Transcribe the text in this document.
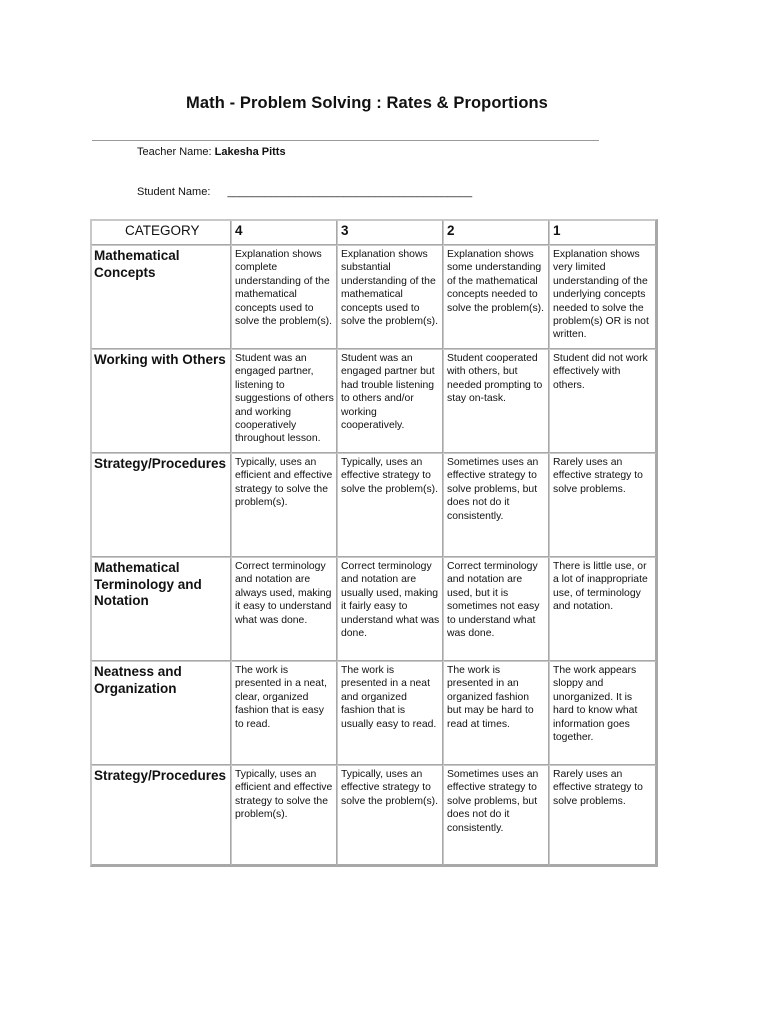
Math - Problem Solving : Rates & Proportions
Teacher Name: Lakesha Pitts
Student Name: ________________________________________
CATEGORY	4	3	2	1
Mathematical Concepts	Explanation shows complete understanding of the mathematical concepts used to solve the problem(s).	Explanation shows substantial understanding of the mathematical concepts used to solve the problem(s).	Explanation shows some understanding of the mathematical concepts needed to solve the problem(s).	Explanation shows very limited understanding of the underlying concepts needed to solve the problem(s) OR is not written.
Working with Others	Student was an engaged partner, listening to suggestions of others and working cooperatively throughout lesson.	Student was an engaged partner but had trouble listening to others and/or working cooperatively.	Student cooperated with others, but needed prompting to stay on-task.	Student did not work effectively with others.
Strategy/Procedures	Typically, uses an efficient and effective strategy to solve the problem(s).	Typically, uses an effective strategy to solve the problem(s).	Sometimes uses an effective strategy to solve problems, but does not do it consistently.	Rarely uses an effective strategy to solve problems.
Mathematical Terminology and Notation	Correct terminology and notation are always used, making it easy to understand what was done.	Correct terminology and notation are usually used, making it fairly easy to understand what was done.	Correct terminology and notation are used, but it is sometimes not easy to understand what was done.	There is little use, or a lot of inappropriate use, of terminology and notation.
Neatness and Organization	The work is presented in a neat, clear, organized fashion that is easy to read.	The work is presented in a neat and organized fashion that is usually easy to read.	The work is presented in an organized fashion but may be hard to read at times.	The work appears sloppy and unorganized. It is hard to know what information goes together.
Strategy/Procedures	Typically, uses an efficient and effective strategy to solve the problem(s).	Typically, uses an effective strategy to solve the problem(s).	Sometimes uses an effective strategy to solve problems, but does not do it consistently.	Rarely uses an effective strategy to solve problems.
